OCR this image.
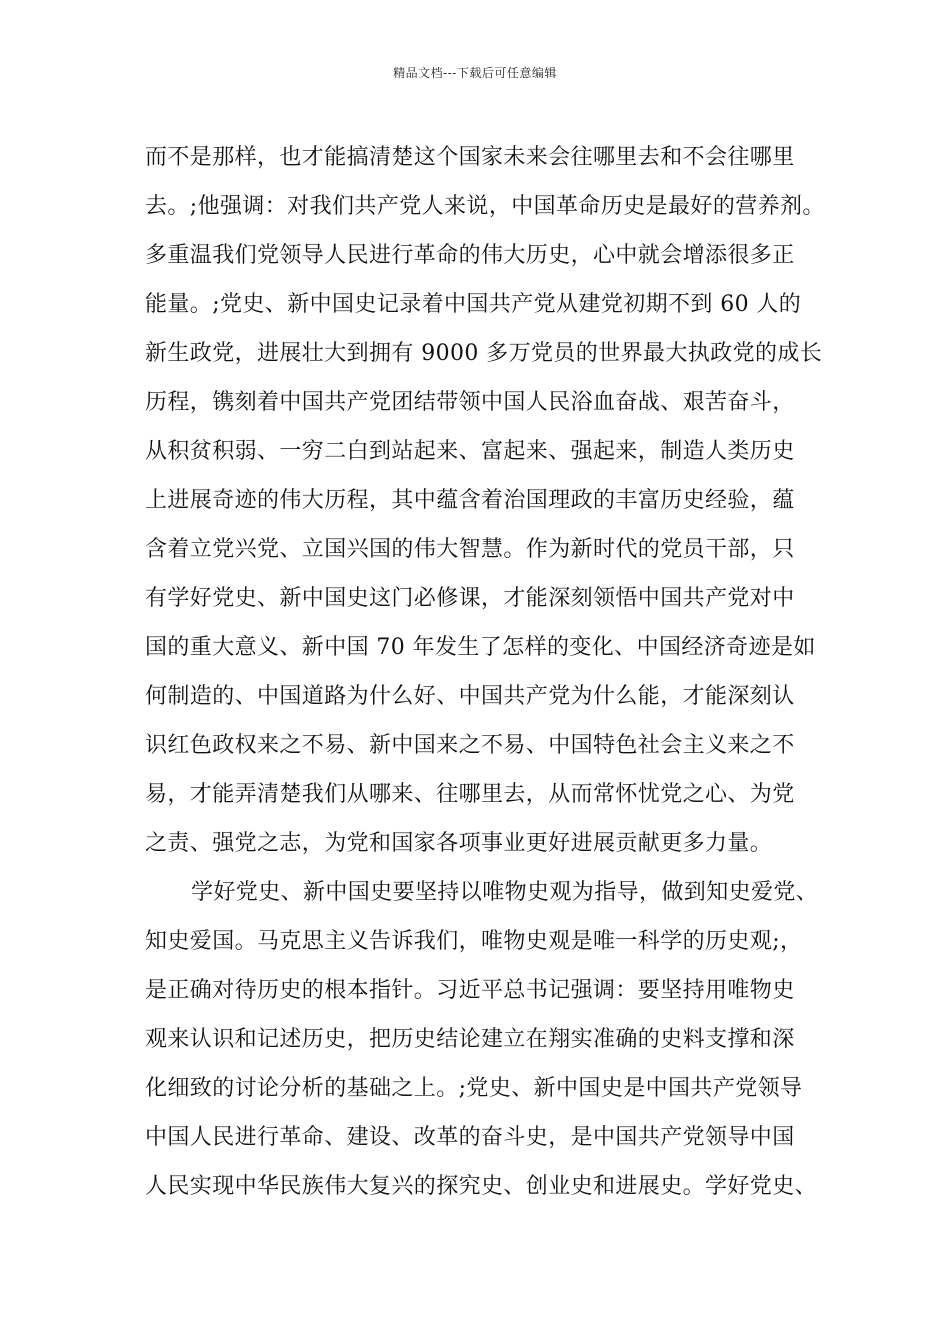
精品文档---下载后可任意编辑
而不是那样，也才能搞清楚这个国家未来会往哪里去和不会往哪里
去。;他强调：对我们共产党人来说，中国革命历史是最好的营养剂。
多重温我们党领导人民进行革命的伟大历史，心中就会增添很多正
能量。;党史、新中国史记录着中国共产党从建党初期不到 60 人的
新生政党，进展壮大到拥有 9000 多万党员的世界最大执政党的成长
历程，镌刻着中国共产党团结带领中国人民浴血奋战、艰苦奋斗，
从积贫积弱、一穷二白到站起来、富起来、强起来，制造人类历史
上进展奇迹的伟大历程，其中蕴含着治国理政的丰富历史经验，蕴
含着立党兴党、立国兴国的伟大智慧。作为新时代的党员干部，只
有学好党史、新中国史这门必修课，才能深刻领悟中国共产党对中
国的重大意义、新中国 70 年发生了怎样的变化、中国经济奇迹是如
何制造的、中国道路为什么好、中国共产党为什么能，才能深刻认
识红色政权来之不易、新中国来之不易、中国特色社会主义来之不
易，才能弄清楚我们从哪来、往哪里去，从而常怀忧党之心、为党
之责、强党之志，为党和国家各项事业更好进展贡献更多力量。
学好党史、新中国史要坚持以唯物史观为指导，做到知史爱党、
知史爱国。马克思主义告诉我们，唯物史观是唯一科学的历史观;，
是正确对待历史的根本指针。习近平总书记强调：要坚持用唯物史
观来认识和记述历史，把历史结论建立在翔实准确的史料支撑和深
化细致的讨论分析的基础之上。;党史、新中国史是中国共产党领导
中国人民进行革命、建设、改革的奋斗史，是中国共产党领导中国
人民实现中华民族伟大复兴的探究史、创业史和进展史。学好党史、
